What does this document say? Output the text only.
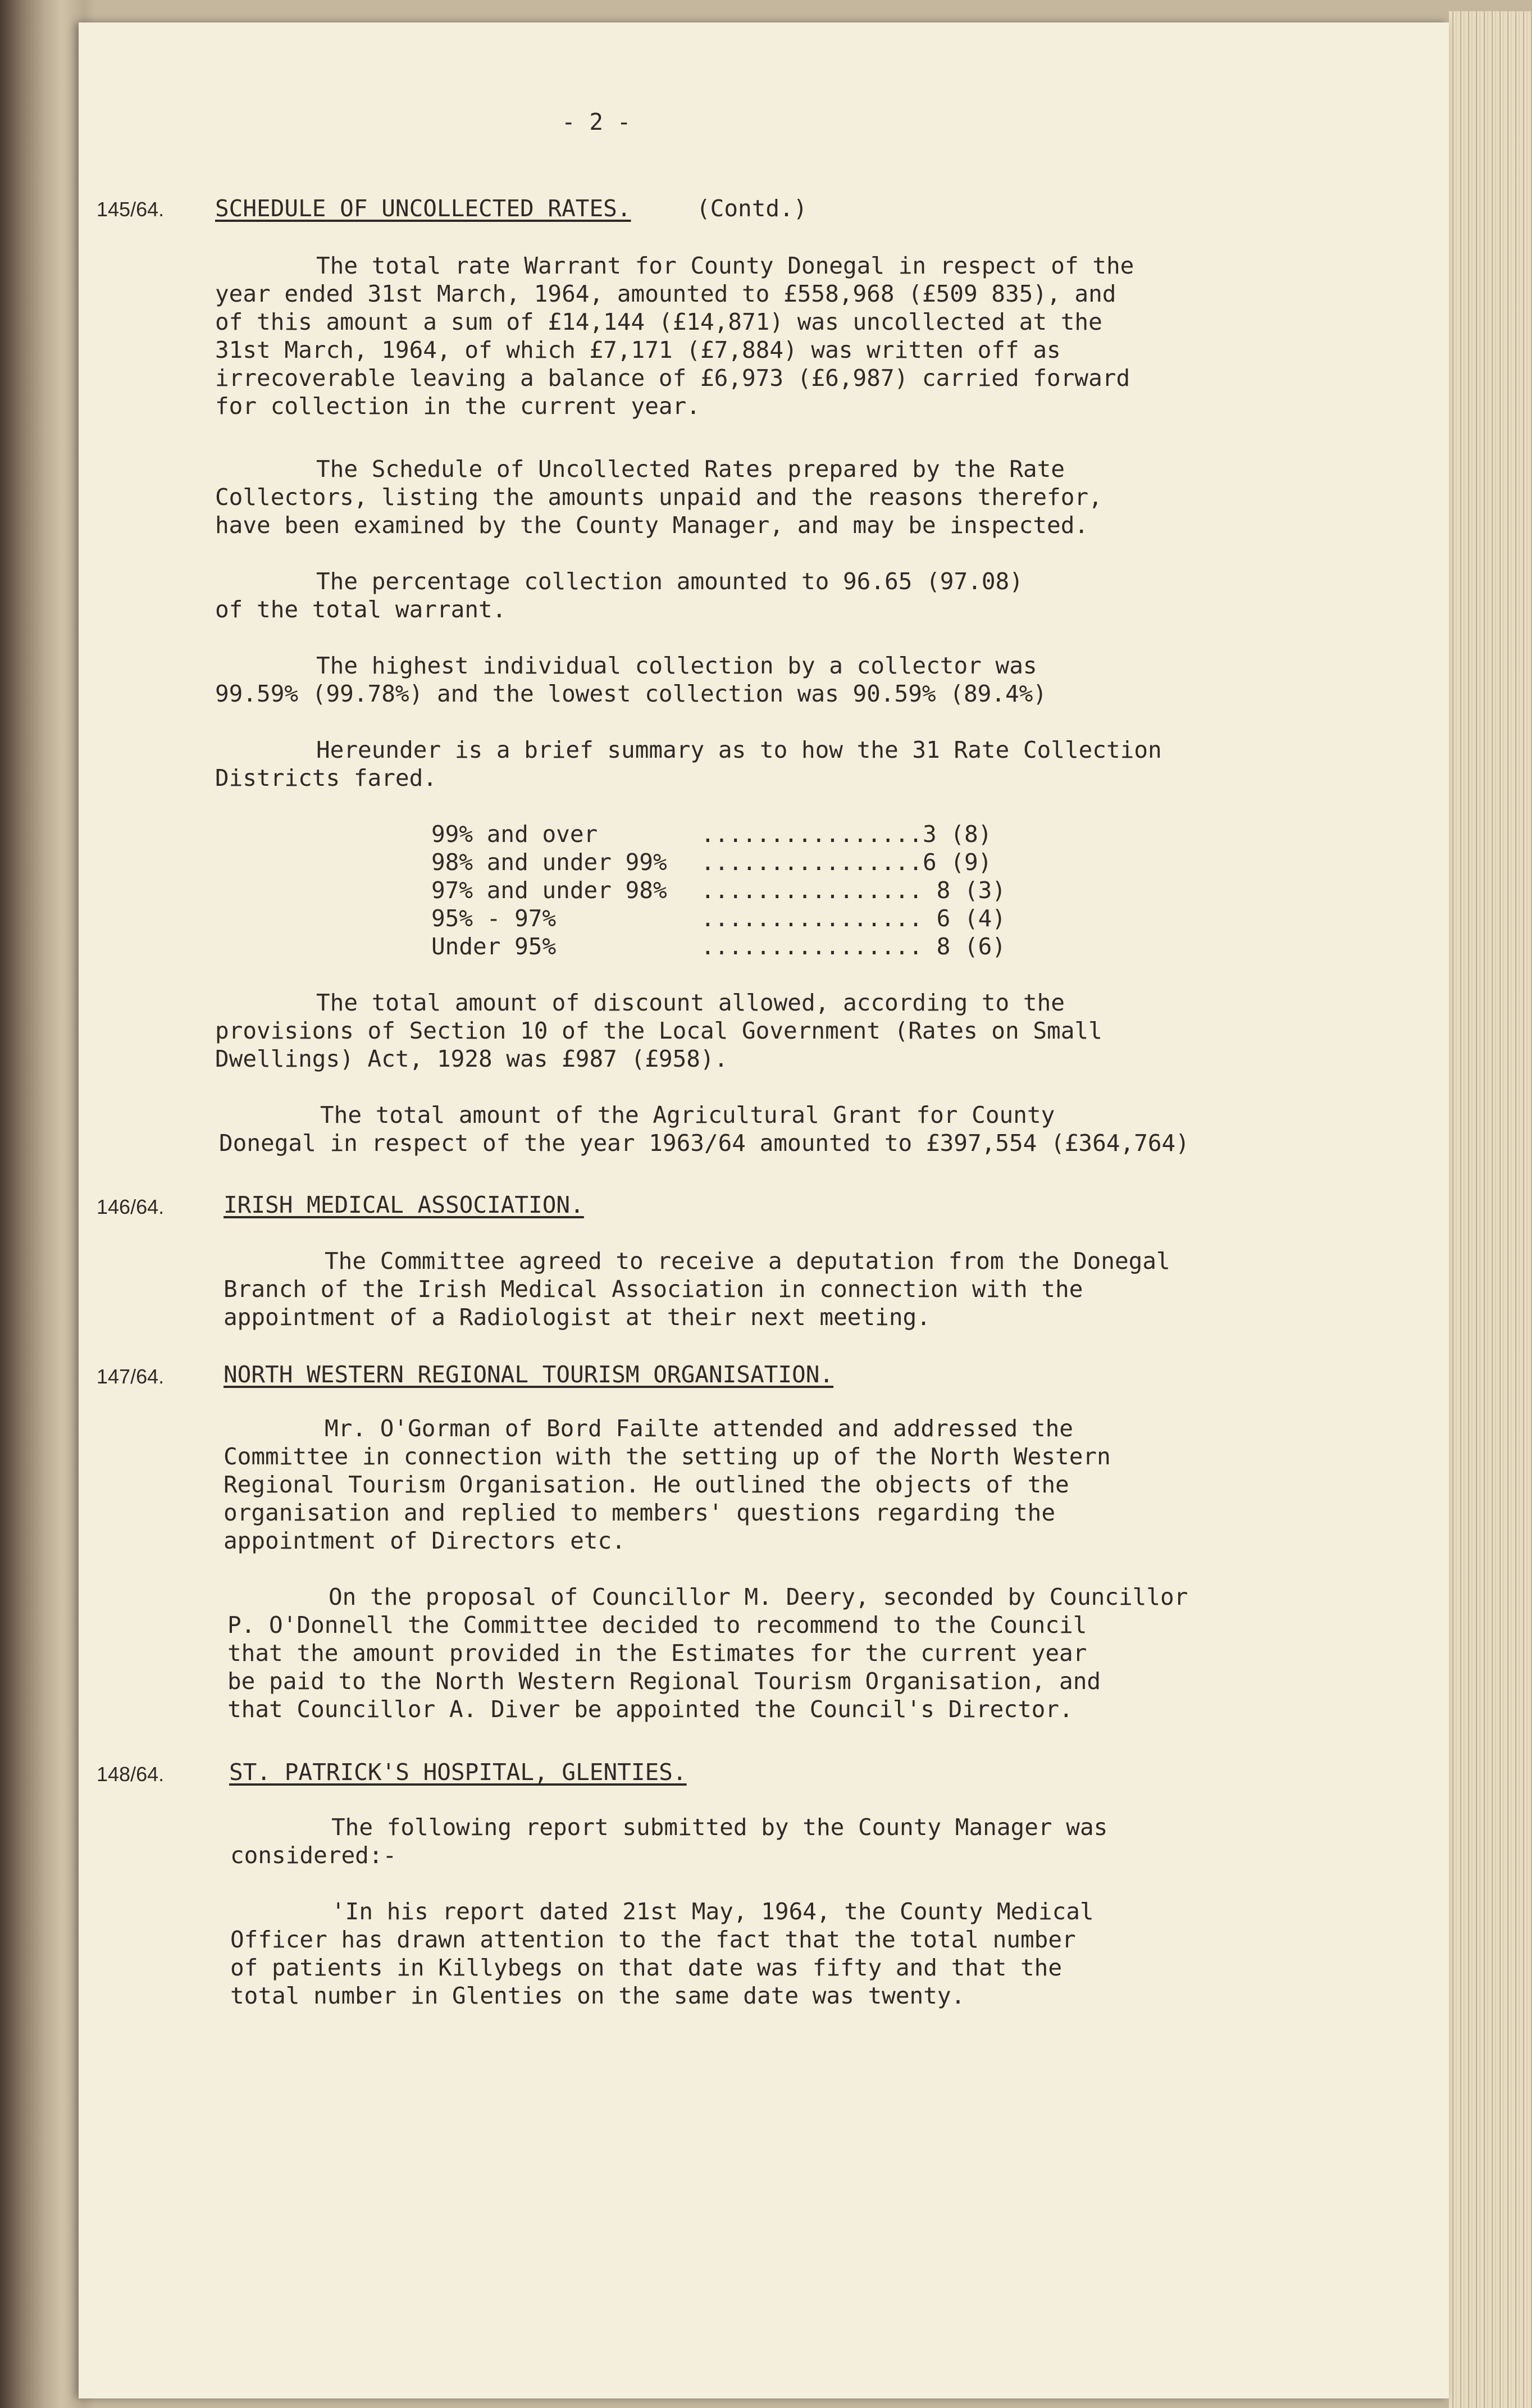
- 2 -
145/64. SCHEDULE OF UNCOLLECTED RATES.	(Contd.)
The total rate Warrant for County Donegal in respect of the
year ended 31st March, 1964, amounted to £558,968 (£509 835), and
of this amount a sum of £14,144 (£14,871) was uncollected at the
31st March, 1964, of which £7,171 (£7,884) was written off as
irrecoverable leaving a balance of £6,973 (£6,987) carried forward
for collection in the current year.
The Schedule of Uncollected Rates prepared by the Rate
Collectors, listing the amounts unpaid and the reasons therefor,
have been examined by the County Manager, and may be inspected.
The percentage collection amounted to 96.65 (97.08)
of the total warrant.
The highest individual collection by a collector was
99.59% (99.78%) and the lowest collection was 90.59% (89.4%)
Hereunder is a brief summary as to how the 31 Rate Collection
Districts fared.
99% and over	................3 (8)
98% and under 99% ................6 (9)
97% and under 98% ................ 8 (3)
95% - 97%	................ 6 (4)
Under 95%	................ 8 (6)
The total amount of discount allowed, according to the
provisions of Section 10 of the Local Government (Rates on Small
Dwellings) Act, 1928 was £987 (£958).
The total amount of the Agricultural Grant for County
Donegal in respect of the year 1963/64 amounted to £397,554 (£364,764)
146/64.	IRISH MEDICAL ASSOCIATION.
The Committee agreed to receive a deputation from the Donegal
Branch of the Irish Medical Association in connection with the
appointment of a Radiologist at their next meeting.
147/64.	NORTH WESTERN REGIONAL TOURISM ORGANISATION.
Mr. O'Gorman of Bord Failte attended and addressed the
Committee in connection with the setting up of the North Western
Regional Tourism Organisation. He outlined the objects of the
organisation and replied to members' questions regarding the
appointment of Directors etc.
On the proposal of Councillor M. Deery, seconded by Councillor
P. O'Donnell the Committee decided to recommend to the Council
that the amount provided in the Estimates for the current year
be paid to the North Western Regional Tourism Organisation, and
that Councillor A. Diver be appointed the Council's Director.
148/64.	ST. PATRICK'S HOSPITAL, GLENTIES.
The following report submitted by the County Manager was
considered:-
'In his report dated 21st May, 1964, the County Medical
Officer has drawn attention to the fact that the total number
of patients in Killybegs on that date was fifty and that the
total number in Glenties on the same date was twenty.
